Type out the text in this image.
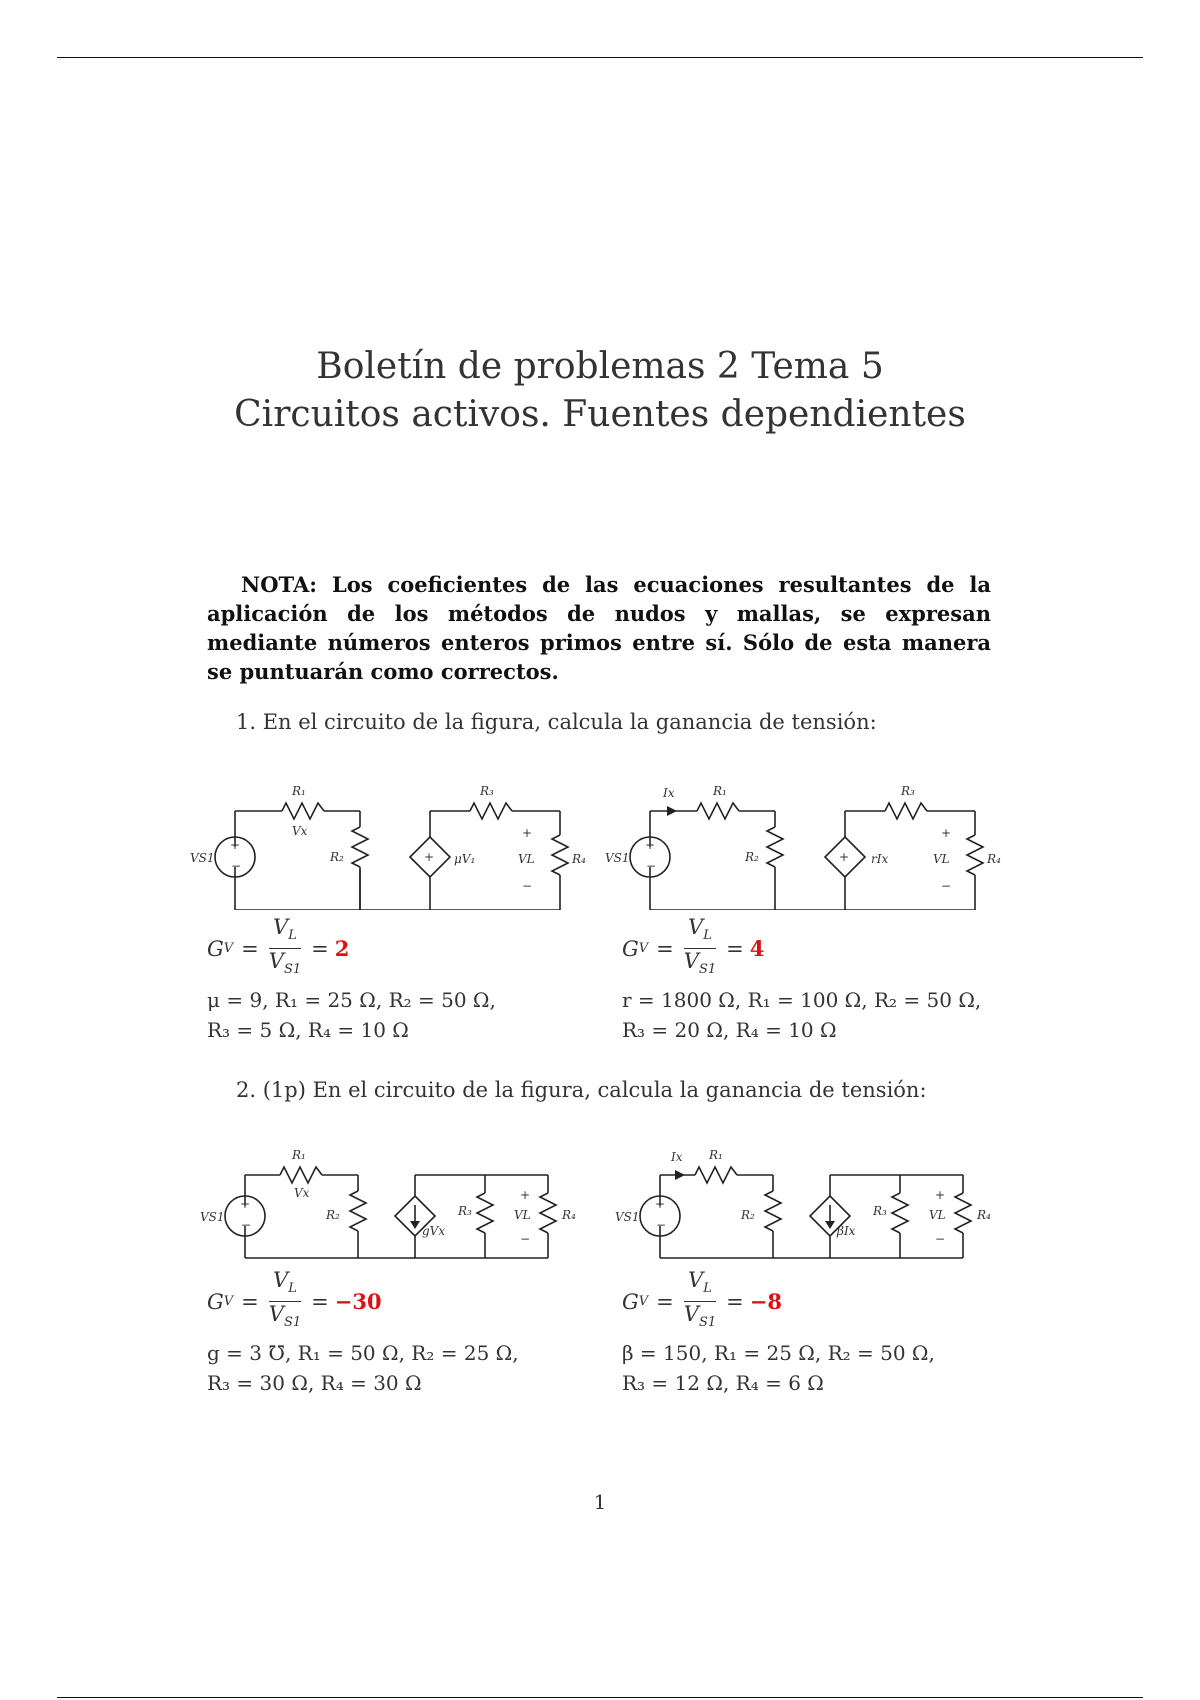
Boletín de problemas 2 Tema 5
Circuitos activos. Fuentes dependientes
NOTA: Los coeficientes de las ecuaciones resultantes de la aplicación de los métodos de nudos y mallas, se expresan mediante números enteros primos entre sí. Sólo de esta manera se puntuarán como correctos.
1. En el circuito de la figura, calcula la ganancia de tensión:
+
−
+
VS1
R₁
Vx
R₂
R₃
μV₁	VL	R₄
+
−
+
−
+
VS1
Ix	R₁
R₂
R₃
rIx	VL	R₄
+
−
G $V = \frac{V_L}{V_{S1}} = 2$	G $V = \frac{V_L}{V_{S1}} = 4$
μ = 9, R₁ = 25 Ω, R₂ = 50 Ω,
R₃ = 5 Ω, R₄ = 10 Ω
r = 1800 Ω, R₁ = 100 Ω, R₂ = 50 Ω,
R₃ = 20 Ω, R₄ = 10 Ω
2. (1p) En el circuito de la figura, calcula la ganancia de tensión:
+
−
VS1
R₁
Vx
R₂
gVx
R₃	VL	R₄
+
−
+
−
VS1
Ix R₁
R₂
βIx
R₃	VL	R₄
+
−
G $V = \frac{V_L}{V_{S1}} = -30$	G $V = \frac{V_L}{V_{S1}} = -8$
g = 3 ℧, R₁ = 50 Ω, R₂ = 25 Ω,
R₃ = 30 Ω, R₄ = 30 Ω
β = 150, R₁ = 25 Ω, R₂ = 50 Ω,
R₃ = 12 Ω, R₄ = 6 Ω
1
